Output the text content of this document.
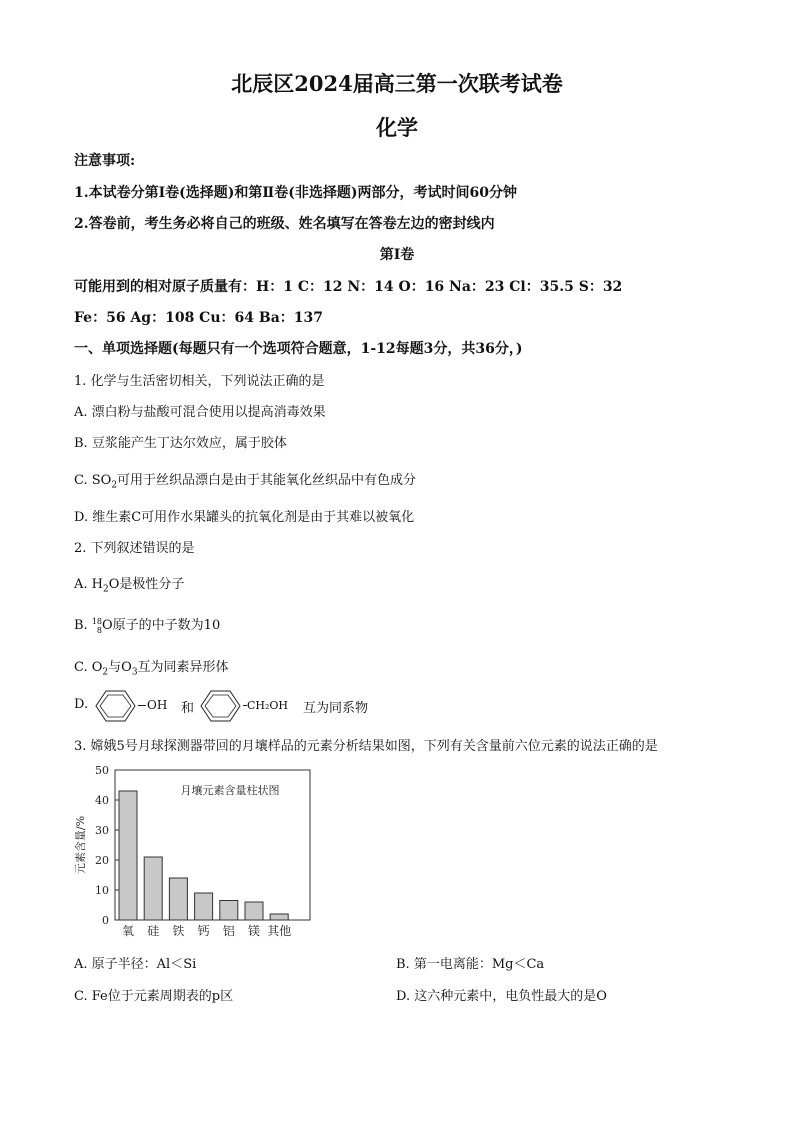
北辰区2024届高三第一次联考试卷
化学
注意事项:
1.本试卷分第Ⅰ卷(选择题)和第Ⅱ卷(非选择题)两部分，考试时间60分钟
2.答卷前，考生务必将自己的班级、姓名填写在答卷左边的密封线内
第Ⅰ卷
可能用到的相对原子质量有：H：1 C：12 N：14 O：16 Na：23 Cl：35.5 S：32
Fe：56 Ag：108 Cu：64 Ba：137
一、单项选择题(每题只有一个选项符合题意，1-12每题3分，共36分，)
1. 化学与生活密切相关，下列说法正确的是
A. 漂白粉与盐酸可混合使用以提高消毒效果
B. 豆浆能产生丁达尔效应，属于胶体
C. $SO_2$可用于丝织品漂白是由于其能氧化丝织品中有色成分
D. 维生素C可用作水果罐头的抗氧化剂是由于其难以被氧化
2. 下列叙述错误的是
A. $H_2O$是极性分子
B. 18
8O原子的中子数为10
C. $O_2$与$O_3$互为同素异形体
D.	OH 和	CH₂OH 互为同系物
3. 嫦娥5号月球探测器带回的月壤样品的元素分析结果如图，下列有关含量前六位元素的说法正确的是
0
10
20
30
40
50
元素含量/%
月壤元素含量柱状图
氧 硅 铁 钙 铝 镁 其他
A. 原子半径：Al＜Si	B. 第一电离能：Mg＜Ca
C. Fe位于元素周期表的p区	D. 这六种元素中，电负性最大的是O
